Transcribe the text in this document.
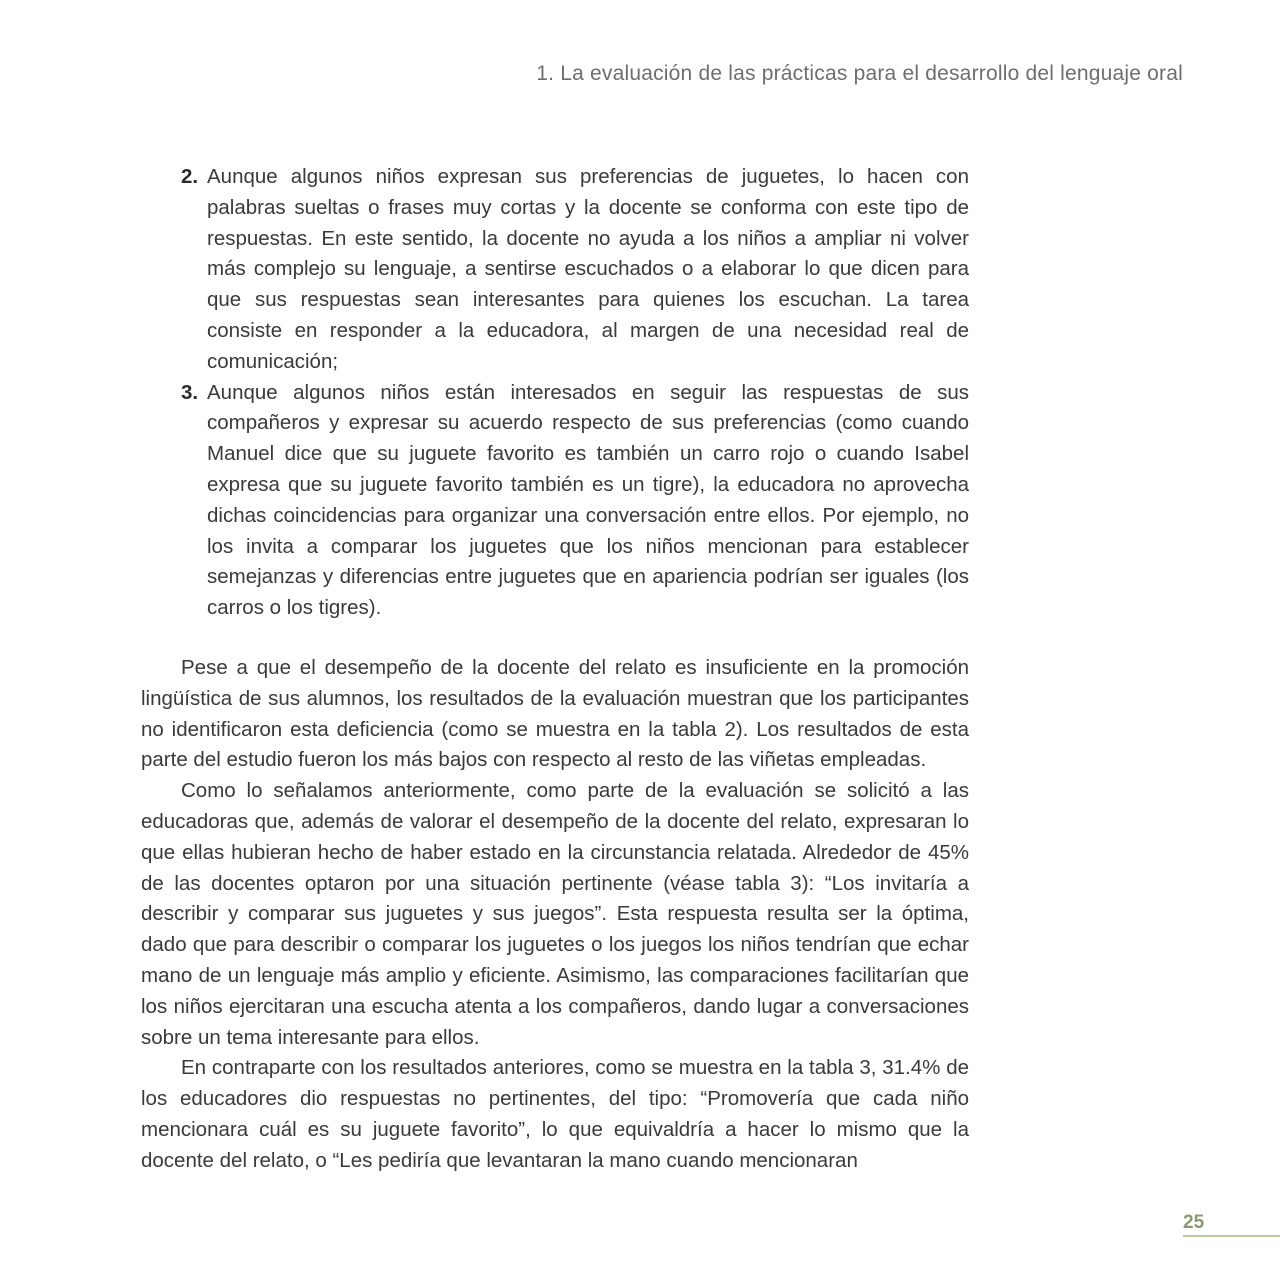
1. La evaluación de las prácticas para el desarrollo del lenguaje oral
2. Aunque algunos niños expresan sus preferencias de juguetes, lo hacen con palabras sueltas o frases muy cortas y la docente se conforma con este tipo de respuestas. En este sentido, la docente no ayuda a los niños a ampliar ni volver más complejo su lenguaje, a sentirse escuchados o a elaborar lo que dicen para que sus respuestas sean interesantes para quienes los escuchan. La tarea consiste en responder a la educadora, al margen de una necesidad real de comunicación;
3. Aunque algunos niños están interesados en seguir las respuestas de sus compañeros y expresar su acuerdo respecto de sus preferencias (como cuando Manuel dice que su juguete favorito es también un carro rojo o cuando Isabel expresa que su juguete favorito también es un tigre), la educadora no aprovecha dichas coincidencias para organizar una conversación entre ellos. Por ejemplo, no los invita a comparar los juguetes que los niños mencionan para establecer semejanzas y diferencias entre juguetes que en apariencia podrían ser iguales (los carros o los tigres).

Pese a que el desempeño de la docente del relato es insuficiente en la promoción lingüística de sus alumnos, los resultados de la evaluación muestran que los participantes no identificaron esta deficiencia (como se muestra en la tabla 2). Los resultados de esta parte del estudio fueron los más bajos con respecto al resto de las viñetas empleadas.

Como lo señalamos anteriormente, como parte de la evaluación se solicitó a las educadoras que, además de valorar el desempeño de la docente del relato, expresaran lo que ellas hubieran hecho de haber estado en la circunstancia relatada. Alrededor de 45% de las docentes optaron por una situación pertinente (véase tabla 3): “Los invitaría a describir y comparar sus juguetes y sus juegos”. Esta respuesta resulta ser la óptima, dado que para describir o comparar los juguetes o los juegos los niños tendrían que echar mano de un lenguaje más amplio y eficiente. Asimismo, las comparaciones facilitarían que los niños ejercitaran una escucha atenta a los compañeros, dando lugar a conversaciones sobre un tema interesante para ellos.

En contraparte con los resultados anteriores, como se muestra en la tabla 3, 31.4% de los educadores dio respuestas no pertinentes, del tipo: “Promovería que cada niño mencionara cuál es su juguete favorito”, lo que equivaldría a hacer lo mismo que la docente del relato, o “Les pediría que levantaran la mano cuando mencionaran

25
